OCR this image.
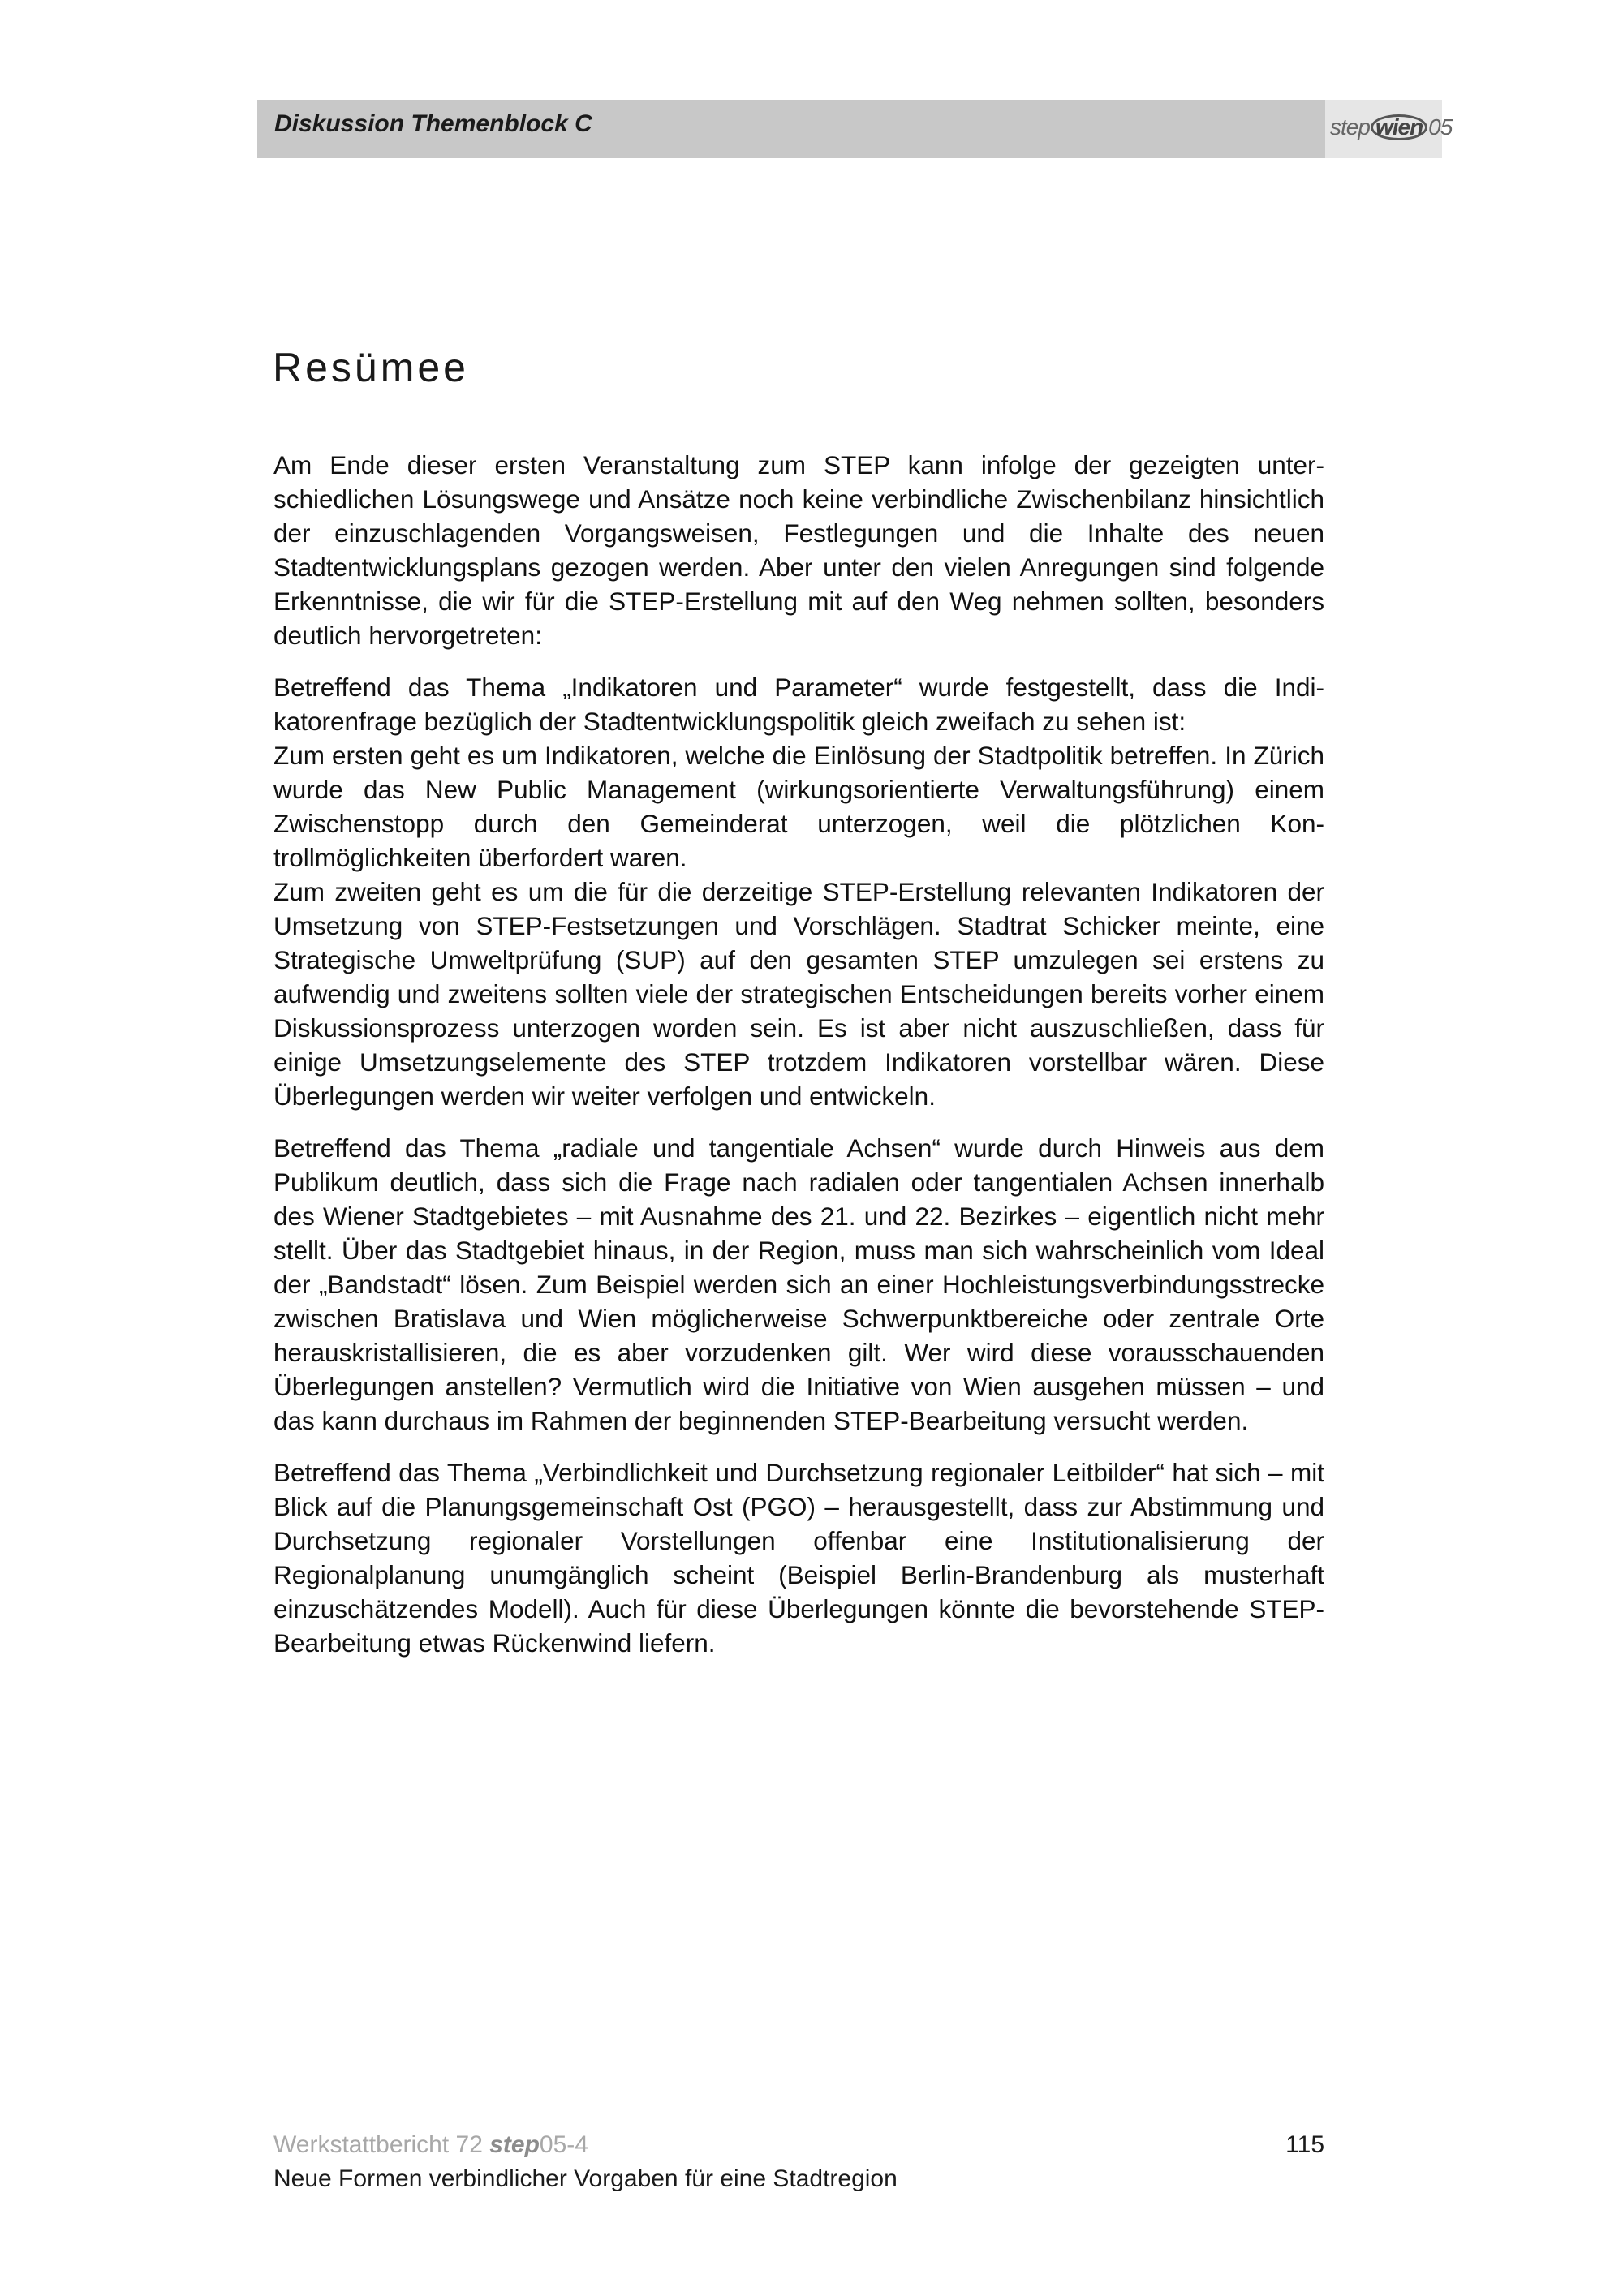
Diskussion Themenblock C	step wien 05
Resümee

Am Ende dieser ersten Veranstaltung zum STEP kann infolge der gezeigten unterschiedlichen Lösungswege und Ansätze noch keine verbindliche Zwischenbilanz hinsichtlich der einzuschlagenden Vorgangsweisen, Festlegungen und die Inhalte des neuen Stadtentwicklungsplans gezogen werden. Aber unter den vielen Anregungen sind folgende Erkenntnisse, die wir für die STEP-Erstellung mit auf den Weg nehmen sollten, besonders deutlich hervorgetreten:

Betreffend das Thema „Indikatoren und Parameter“ wurde festgestellt, dass die Indikatorenfrage bezüglich der Stadtentwicklungspolitik gleich zweifach zu sehen ist:
Zum ersten geht es um Indikatoren, welche die Einlösung der Stadtpolitik betreffen. In Zürich wurde das New Public Management (wirkungsorientierte Verwaltungsführung) einem Zwischenstopp durch den Gemeinderat unterzogen, weil die plötzlichen Kontrollmöglichkeiten überfordert waren.
Zum zweiten geht es um die für die derzeitige STEP-Erstellung relevanten Indikatoren der Umsetzung von STEP-Festsetzungen und Vorschlägen. Stadtrat Schicker meinte, eine Strategische Umweltprüfung (SUP) auf den gesamten STEP umzulegen sei erstens zu aufwendig und zweitens sollten viele der strategischen Entscheidungen bereits vorher einem Diskussionsprozess unterzogen worden sein. Es ist aber nicht auszuschließen, dass für einige Umsetzungselemente des STEP trotzdem Indikatoren vorstellbar wären. Diese Überlegungen werden wir weiter verfolgen und entwickeln.

Betreffend das Thema „radiale und tangentiale Achsen“ wurde durch Hinweis aus dem Publikum deutlich, dass sich die Frage nach radialen oder tangentialen Achsen innerhalb des Wiener Stadtgebietes – mit Ausnahme des 21. und 22. Bezirkes – eigentlich nicht mehr stellt. Über das Stadtgebiet hinaus, in der Region, muss man sich wahrscheinlich vom Ideal der „Bandstadt“ lösen. Zum Beispiel werden sich an einer Hochleistungsverbindungsstrecke zwischen Bratislava und Wien möglicherweise Schwerpunktbereiche oder zentrale Orte herauskristallisieren, die es aber vorzudenken gilt. Wer wird diese vorausschauenden Überlegungen anstellen? Vermutlich wird die Initiative von Wien ausgehen müssen – und das kann durchaus im Rahmen der beginnenden STEP-Bearbeitung versucht werden.

Betreffend das Thema „Verbindlichkeit und Durchsetzung regionaler Leitbilder“ hat sich – mit Blick auf die Planungsgemeinschaft Ost (PGO) – herausgestellt, dass zur Abstimmung und Durchsetzung regionaler Vorstellungen offenbar eine Institutionalisierung der Regionalplanung unumgänglich scheint (Beispiel Berlin-Brandenburg als musterhaft einzuschätzendes Modell). Auch für diese Überlegungen könnte die bevorstehende STEP-Bearbeitung etwas Rückenwind liefern.

Werkstattbericht 72 step05-4
Neue Formen verbindlicher Vorgaben für eine Stadtregion
115
